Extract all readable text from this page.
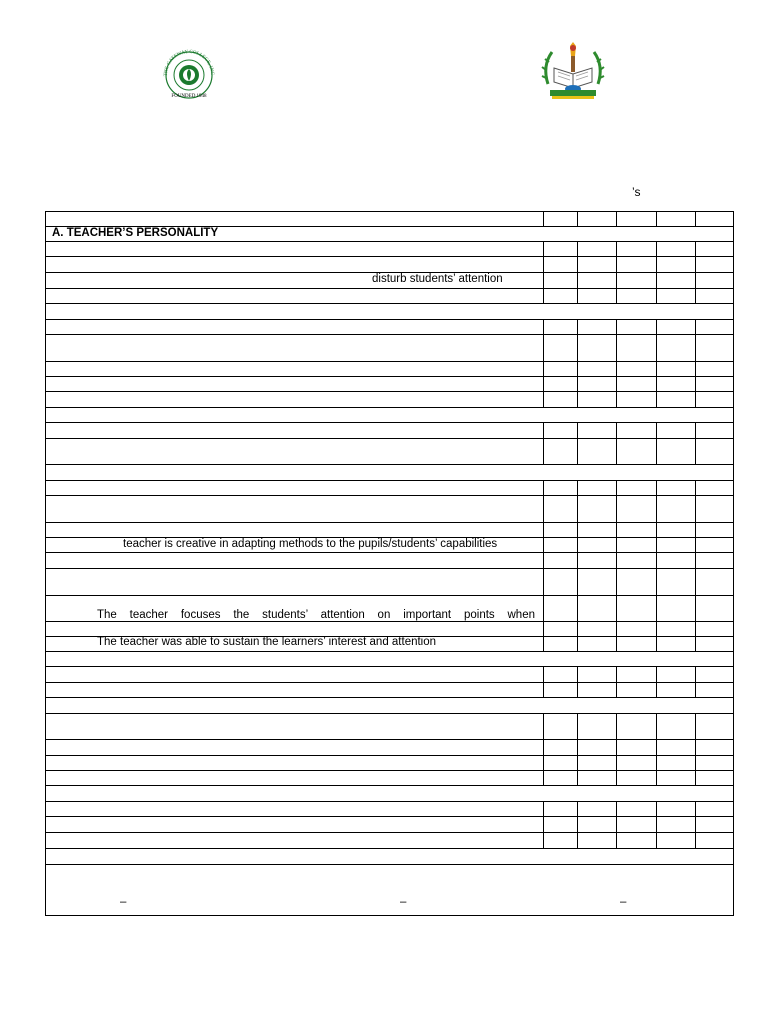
THE GATEWAY COLLEGE, INC
FOUNDED 1948
’s
A. TEACHER’S PERSONALITY
disturb students’ attention
teacher is creative in adapting methods to the pupils/students’ capabilities
The teacher focuses the students’ attention on important points when
The teacher was able to sustain the learners’ interest and attention
–	–	–
